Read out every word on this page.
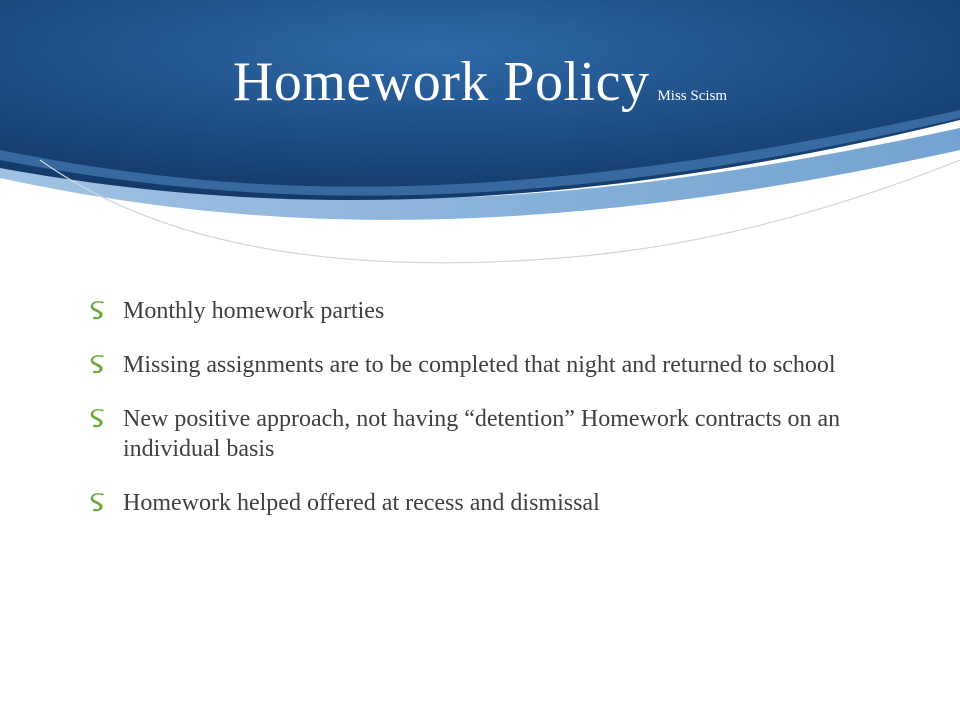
Homework Policy Miss Scism
Monthly homework parties
Missing assignments are to be completed that night and returned to school
New positive approach, not having “detention” Homework contracts on an individual basis
Homework helped offered at recess and dismissal
